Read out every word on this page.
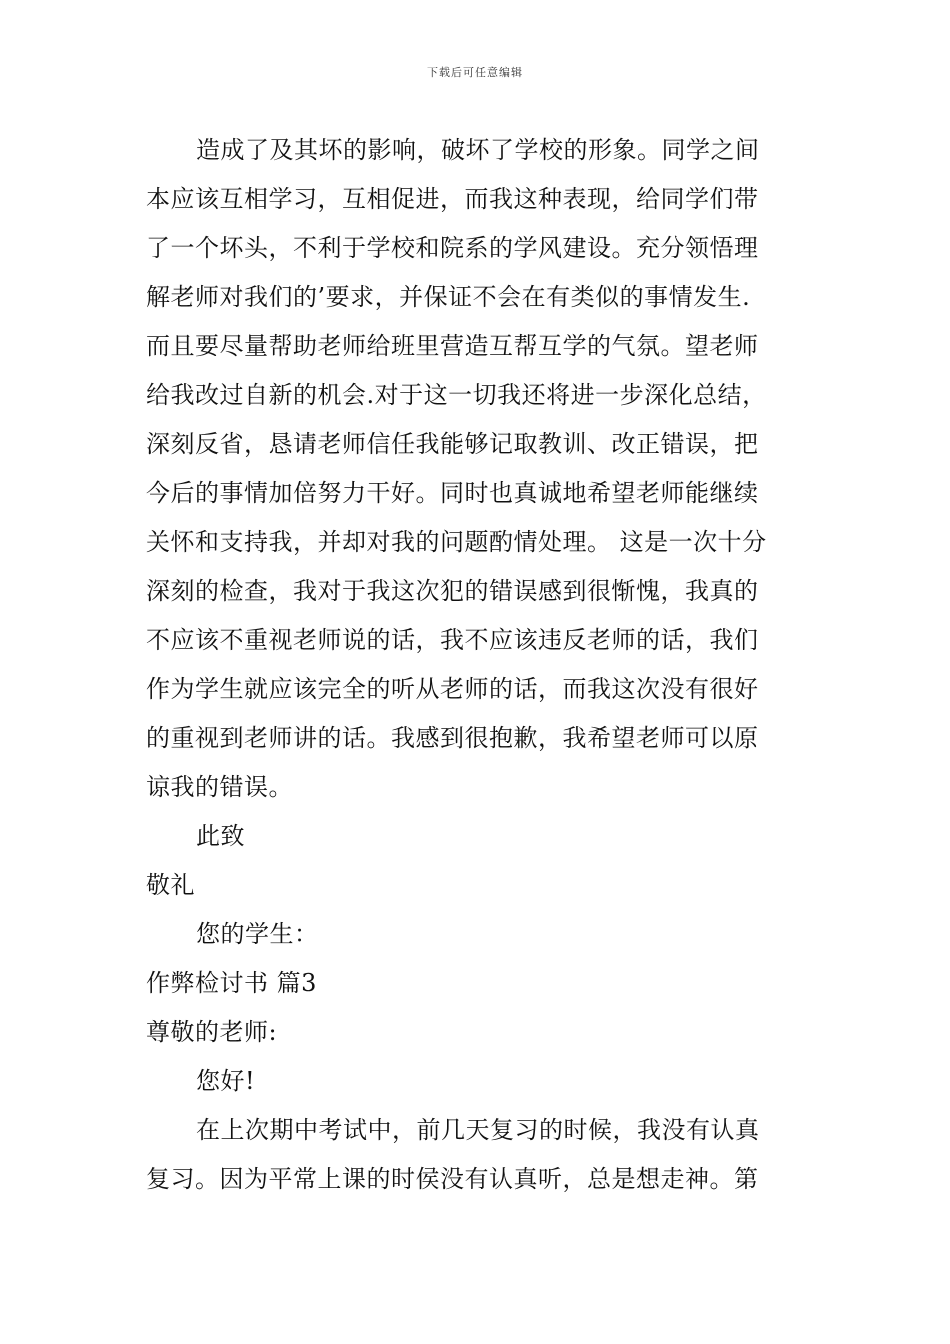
下载后可任意编辑
造成了及其坏的影响，破坏了学校的形象。同学之间
本应该互相学习，互相促进，而我这种表现，给同学们带
了一个坏头，不利于学校和院系的学风建设。充分领悟理
解老师对我们的’要求，并保证不会在有类似的事情发生.
而且要尽量帮助老师给班里营造互帮互学的气氛。望老师
给我改过自新的机会.对于这一切我还将进一步深化总结，
深刻反省，恳请老师信任我能够记取教训、改正错误，把
今后的事情加倍努力干好。同时也真诚地希望老师能继续
关怀和支持我，并却对我的问题酌情处理。 这是一次十分
深刻的检查，我对于我这次犯的错误感到很惭愧，我真的
不应该不重视老师说的话，我不应该违反老师的话，我们
作为学生就应该完全的听从老师的话，而我这次没有很好
的重视到老师讲的话。我感到很抱歉，我希望老师可以原
谅我的错误。
此致
敬礼
您的学生：
作弊检讨书 篇3
尊敬的老师:
您好!
在上次期中考试中，前几天复习的时候，我没有认真
复习。因为平常上课的时侯没有认真听，总是想走神。第
